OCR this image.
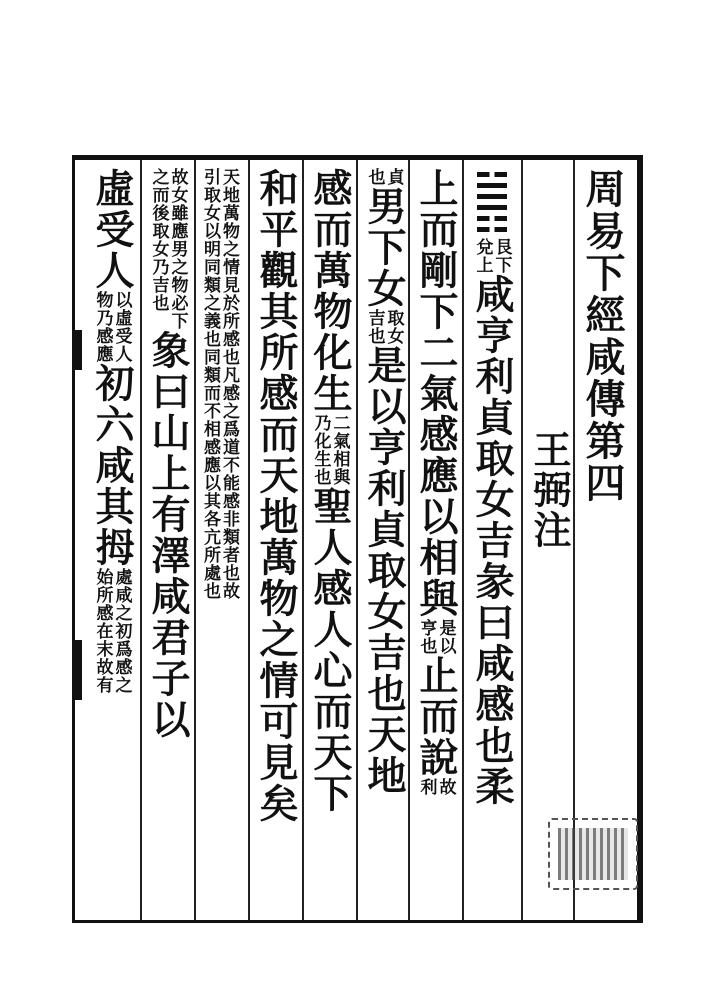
周易下經咸傳第四
王弼注
艮下
兌上
咸亨利貞取女吉彖曰咸感也柔
上而剛下二氣感應以相與
是以
亨也
止而說
故
利
貞
也
男下女
取女
吉也
是以亨利貞取女吉也天地
感而萬物化生
二氣相與
乃化生也
聖人感人心而天下
和平觀其所感而天地萬物之情可見矣
天地萬物之情見於所感也凡感之爲道不能感非類者也故
引取女以明同類之義也同類而不相感應以其各亢所處也
故女雖應男之物必下
之而後取女乃吉也
象曰山上有澤咸君子以
虛受人
以虛受人
物乃感應
初六咸其拇
處咸之初爲感之
始所感在末故有
